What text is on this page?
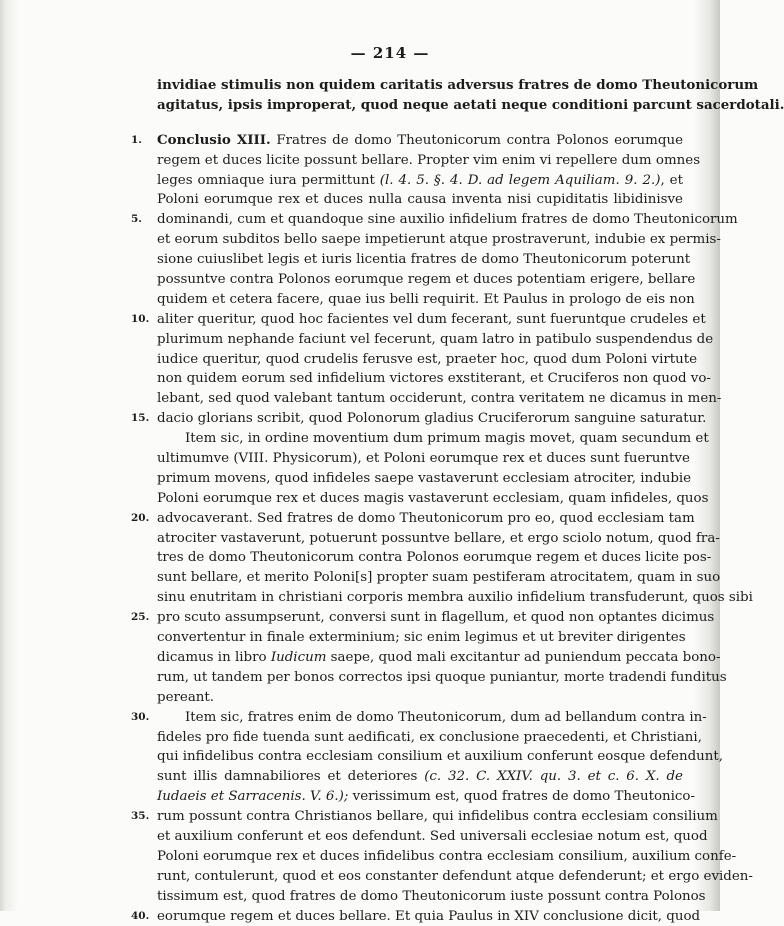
— 214 —
invidiae stimulis non quidem caritatis adversus fratres de domo Theutonicorum
agitatus, ipsis improperat, quod neque aetati neque conditioni parcunt sacerdotali.
1.	Conclusio XIII. Fratres de domo Theutonicorum contra Polonos eorumque
regem et duces licite possunt bellare. Propter vim enim vi repellere dum omnes
leges omniaque iura permittunt (l. 4. 5. §. 4. D. ad legem Aquiliam. 9. 2.), et
Poloni eorumque rex et duces nulla causa inventa nisi cupiditatis libidinisve
5.	dominandi, cum et quandoque sine auxilio infidelium fratres de domo Theutonicorum
et eorum subditos bello saepe impetierunt atque prostraverunt, indubie ex permis-
sione cuiuslibet legis et iuris licentia fratres de domo Theutonicorum poterunt
possuntve contra Polonos eorumque regem et duces potentiam erigere, bellare
quidem et cetera facere, quae ius belli requirit. Et Paulus in prologo de eis non
10. aliter queritur, quod hoc facientes vel dum fecerant, sunt fueruntque crudeles et
plurimum nephande faciunt vel fecerunt, quam latro in patibulo suspendendus de
iudice queritur, quod crudelis ferusve est, praeter hoc, quod dum Poloni virtute
non quidem eorum sed infidelium victores exstiterant, et Cruciferos non quod vo-
lebant, sed quod valebant tantum occiderunt, contra veritatem ne dicamus in men-
15. dacio glorians scribit, quod Polonorum gladius Cruciferorum sanguine saturatur.
Item sic, in ordine moventium dum primum magis movet, quam secundum et
ultimumve (VIII. Physicorum), et Poloni eorumque rex et duces sunt fueruntve
primum movens, quod infideles saepe vastaverunt ecclesiam atrociter, indubie
Poloni eorumque rex et duces magis vastaverunt ecclesiam, quam infideles, quos
20. advocaverant. Sed fratres de domo Theutonicorum pro eo, quod ecclesiam tam
atrociter vastaverunt, potuerunt possuntve bellare, et ergo sciolo notum, quod fra-
tres de domo Theutonicorum contra Polonos eorumque regem et duces licite pos-
sunt bellare, et merito Poloni[s] propter suam pestiferam atrocitatem, quam in suo
sinu enutritam in christiani corporis membra auxilio infidelium transfuderunt, quos sibi
25. pro scuto assumpserunt, conversi sunt in flagellum, et quod non optantes dicimus
convertentur in finale exterminium; sic enim legimus et ut breviter dirigentes
dicamus in libro Iudicum saepe, quod mali excitantur ad puniendum peccata bono-
rum, ut tandem per bonos correctos ipsi quoque puniantur, morte tradendi funditus
pereant.
30.	Item sic, fratres enim de domo Theutonicorum, dum ad bellandum contra in-
fideles pro fide tuenda sunt aedificati, ex conclusione praecedenti, et Christiani,
qui infidelibus contra ecclesiam consilium et auxilium conferunt eosque defendunt,
sunt illis damnabiliores et deteriores (c. 32. C. XXIV. qu. 3. et c. 6. X. de
Iudaeis et Sarracenis. V. 6.); verissimum est, quod fratres de domo Theutonico-
35. rum possunt contra Christianos bellare, qui infidelibus contra ecclesiam consilium
et auxilium conferunt et eos defendunt. Sed universali ecclesiae notum est, quod
Poloni eorumque rex et duces infidelibus contra ecclesiam consilium, auxilium confe-
runt, contulerunt, quod et eos constanter defendunt atque defenderunt; et ergo eviden-
tissimum est, quod fratres de domo Theutonicorum iuste possunt contra Polonos
40. eorumque regem et duces bellare. Et quia Paulus in XIV conclusione dicit, quod
